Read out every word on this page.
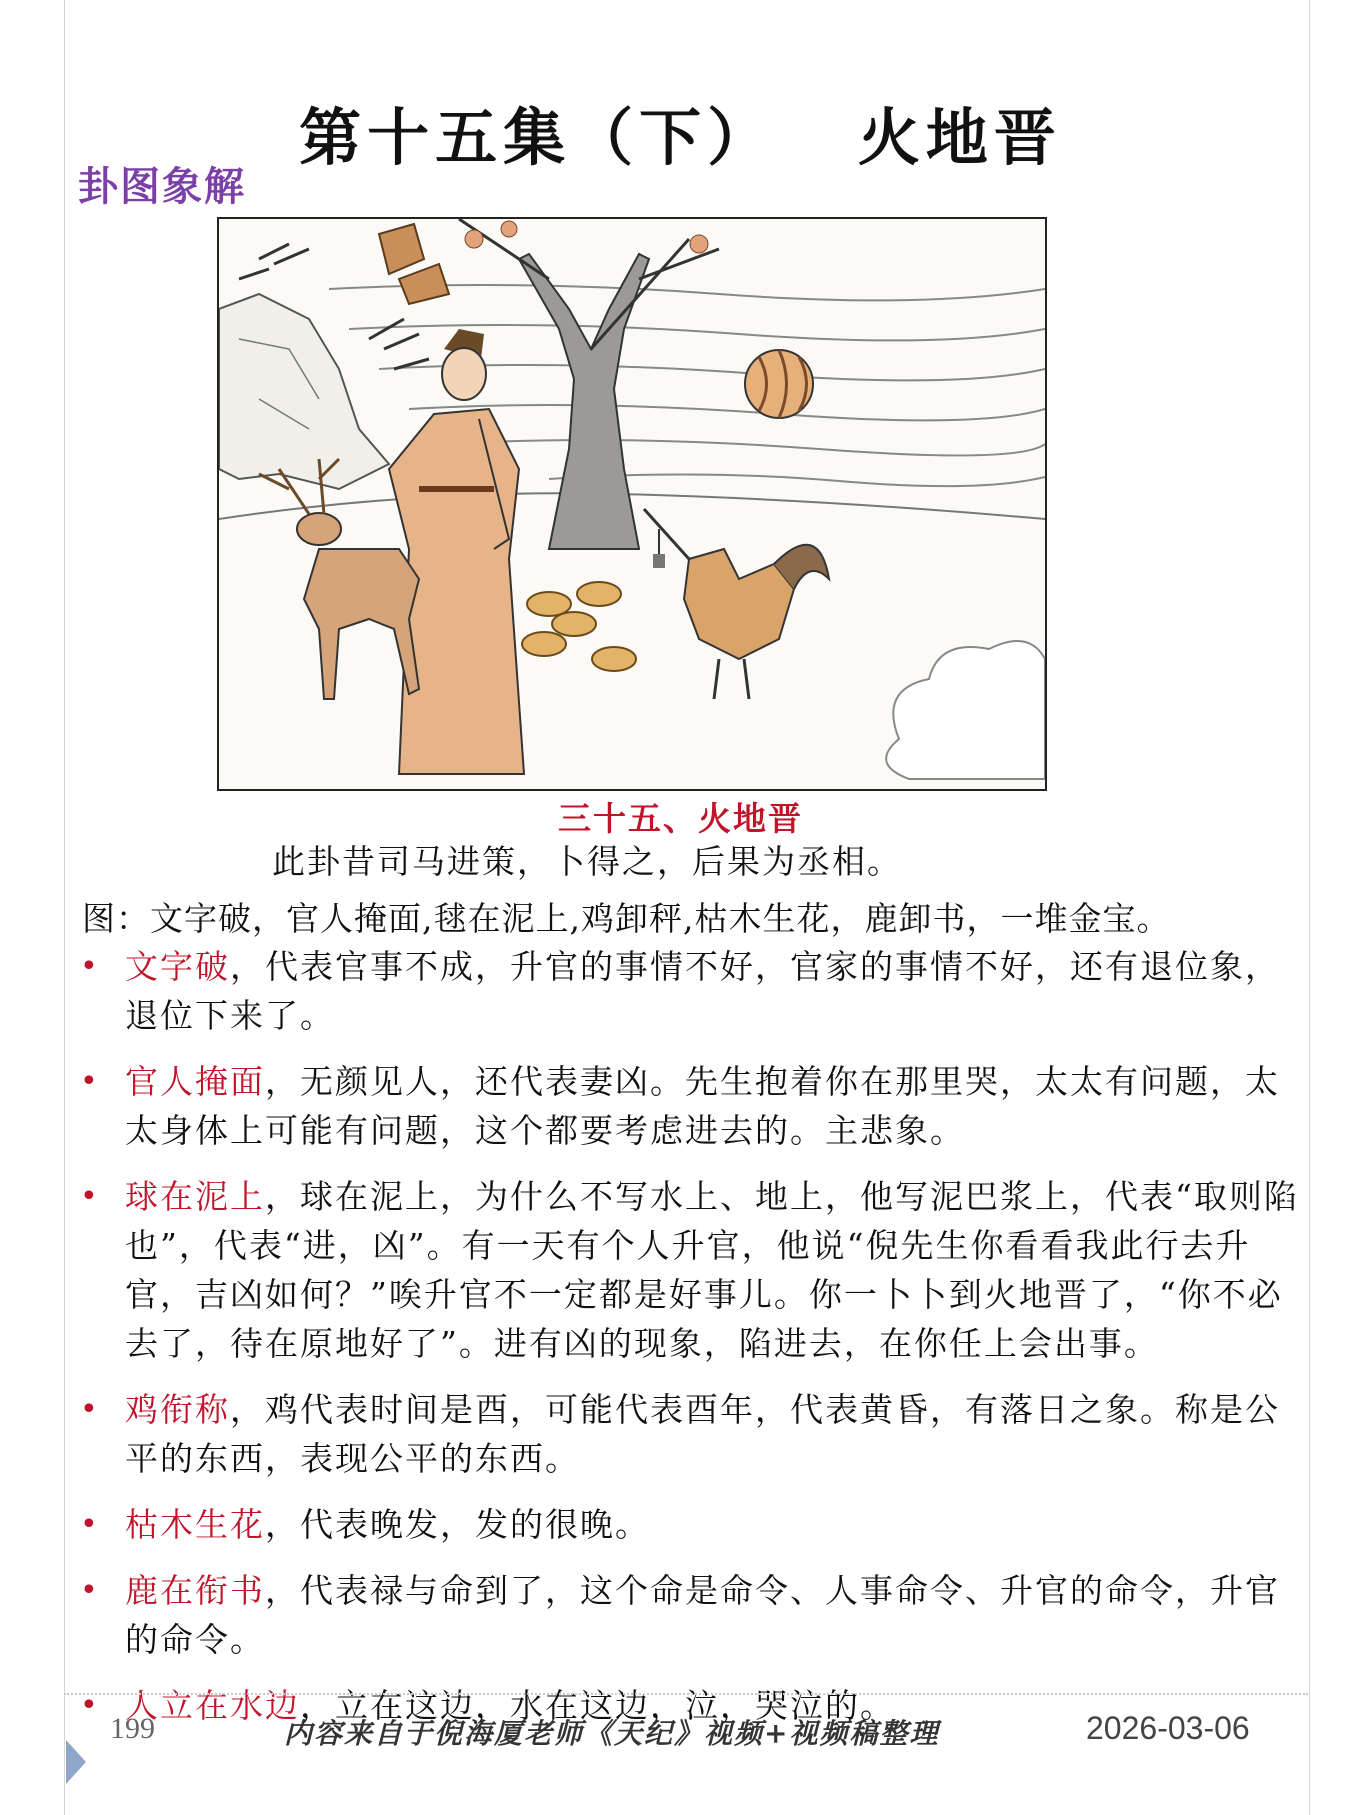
第十五集（下）   火地晋
卦图象解
三十五、火地晋
此卦昔司马进策，卜得之，后果为丞相。
图：文字破，官人掩面,毬在泥上,鸡卸秤,枯木生花，鹿卸书，一堆金宝。
• 文字破，代表官事不成，升官的事情不好，官家的事情不好，还有退位象，退位下来了。
• 官人掩面，无颜见人，还代表妻凶。先生抱着你在那里哭，太太有问题，太太身体上可能有问题，这个都要考虑进去的。主悲象。
• 球在泥上，球在泥上，为什么不写水上、地上，他写泥巴浆上，代表“取则陷也”，代表“进，凶”。有一天有个人升官，他说“倪先生你看看我此行去升官，吉凶如何？”唉升官不一定都是好事儿。你一卜卜到火地晋了，“你不必去了，待在原地好了”。进有凶的现象，陷进去，在你任上会出事。
• 鸡衔称，鸡代表时间是酉，可能代表酉年，代表黄昏，有落日之象。称是公平的东西，表现公平的东西。
• 枯木生花，代表晚发，发的很晚。
• 鹿在衔书，代表禄与命到了，这个命是命令、人事命令、升官的命令，升官的命令。
• 人立在水边，立在这边，水在这边，泣，哭泣的。
199	内容来自于倪海厦老师《天纪》视频+视频稿整理	2026-03-06
